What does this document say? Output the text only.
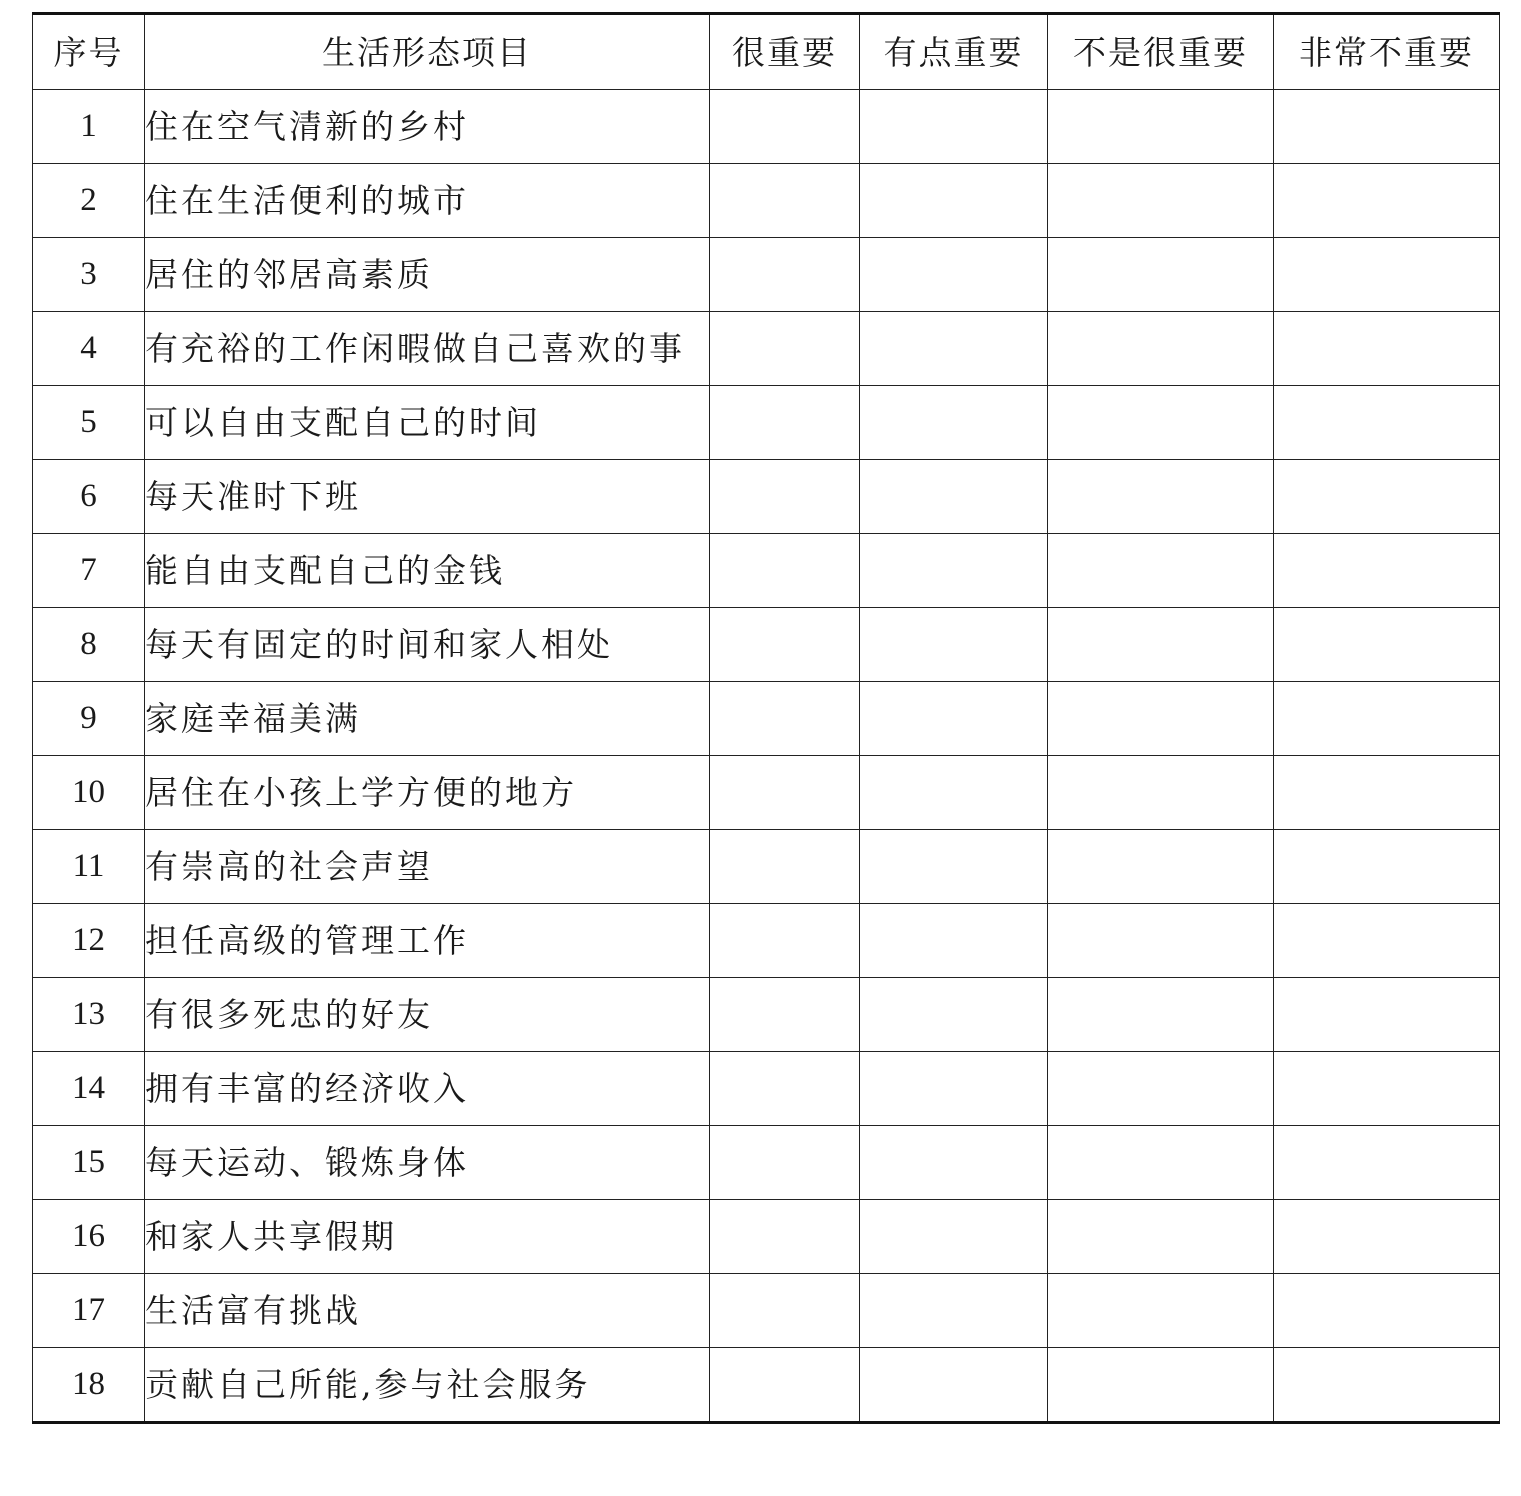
序号	生活形态项目	很重要	有点重要	不是很重要	非常不重要
1	住在空气清新的乡村				
2	住在生活便利的城市				
3	居住的邻居高素质				
4	有充裕的工作闲暇做自己喜欢的事				
5	可以自由支配自己的时间				
6	每天准时下班				
7	能自由支配自己的金钱				
8	每天有固定的时间和家人相处				
9	家庭幸福美满				
10	居住在小孩上学方便的地方				
11	有崇高的社会声望				
12	担任高级的管理工作				
13	有很多死忠的好友				
14	拥有丰富的经济收入				
15	每天运动、锻炼身体				
16	和家人共享假期				
17	生活富有挑战				
18	贡献自己所能,参与社会服务				
